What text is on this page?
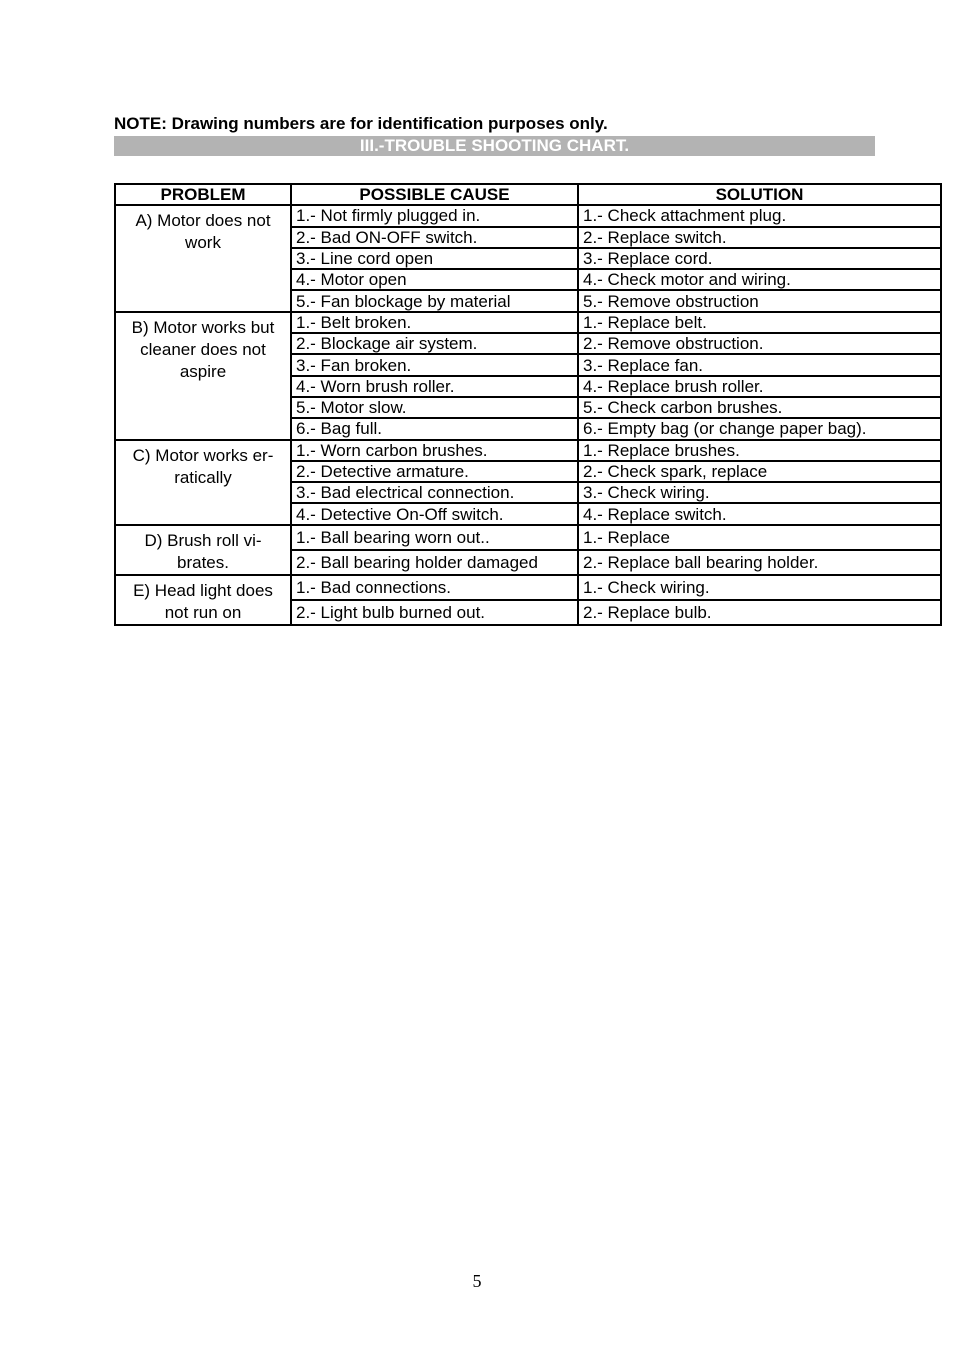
NOTE: Drawing numbers are for identification purposes only.
III.-TROUBLE SHOOTING CHART.
PROBLEM	POSSIBLE CAUSE	SOLUTION
A) Motor does not work	1.- Not firmly plugged in.	1.- Check attachment plug.
	2.- Bad ON-OFF switch.	2.- Replace switch.
	3.- Line cord open	3.- Replace cord.
	4.- Motor open	4.- Check motor and wiring.
	5.- Fan blockage by material	5.- Remove obstruction
B) Motor works but cleaner does not aspire	1.- Belt broken.	1.- Replace belt.
	2.- Blockage air system.	2.- Remove obstruction.
	3.- Fan broken.	3.- Replace fan.
	4.- Worn brush roller.	4.- Replace brush roller.
	5.- Motor slow.	5.- Check carbon brushes.
	6.- Bag full.	6.- Empty bag (or change paper bag).
C) Motor works er-ratically	1.- Worn carbon brushes.	1.- Replace brushes.
	2.- Detective armature.	2.- Check spark, replace
	3.- Bad electrical connection.	3.- Check wiring.
	4.- Detective On-Off switch.	4.- Replace switch.
D) Brush roll vi-brates.	1.- Ball bearing worn out..	1.- Replace
	2.- Ball bearing holder damaged	2.- Replace ball bearing holder.
E) Head light does not run on	1.- Bad connections.	1.- Check wiring.
	2.- Light bulb burned out.	2.- Replace bulb.
5
